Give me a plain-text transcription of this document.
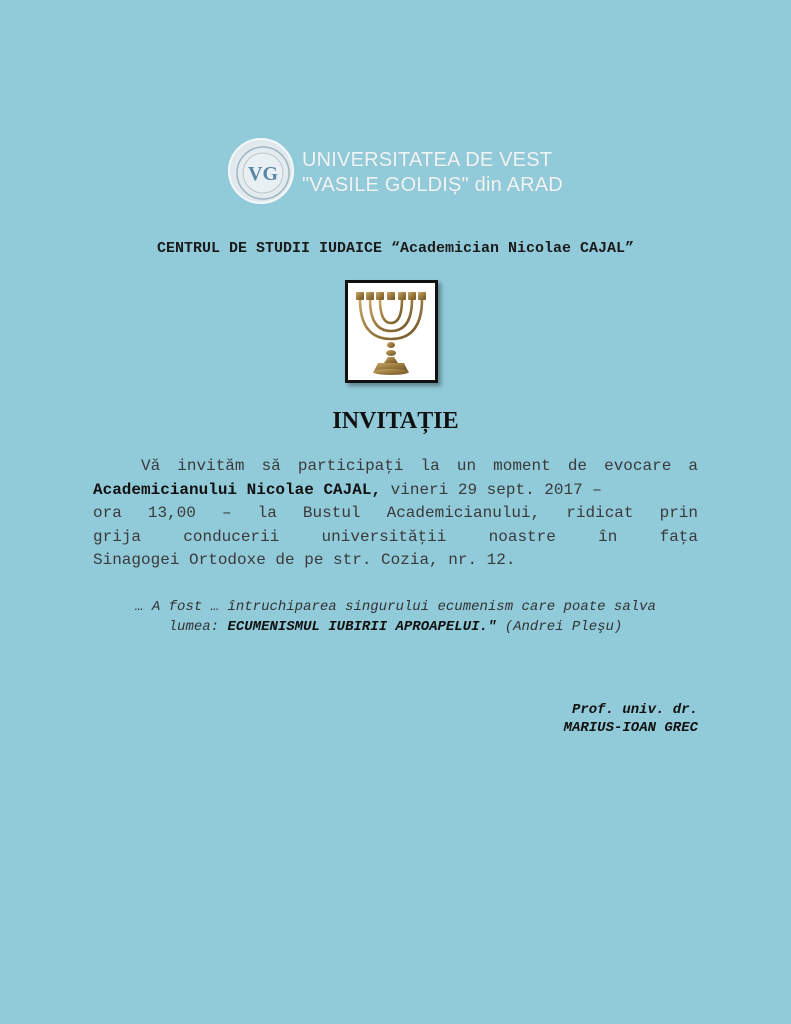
VG
UNIVERSITATEA DE VEST
"VASILE GOLDIȘ" din ARAD
CENTRUL DE STUDII IUDAICE “Academician Nicolae CAJAL”
INVITAȚIE
Vă invităm să participaţi la un moment de evocare a
Academicianului Nicolae CAJAL, vineri 29 sept. 2017 –
ora 13,00 – la Bustul Academicianului, ridicat prin
grija conducerii universităţii noastre în faţa
Sinagogei Ortodoxe de pe str. Cozia, nr. 12.
… A fost … întruchiparea singurului ecumenism care poate salva
lumea: ECUMENISMUL IUBIRII APROAPELUI." (Andrei Pleşu)
Prof. univ. dr.
MARIUS-IOAN GREC
